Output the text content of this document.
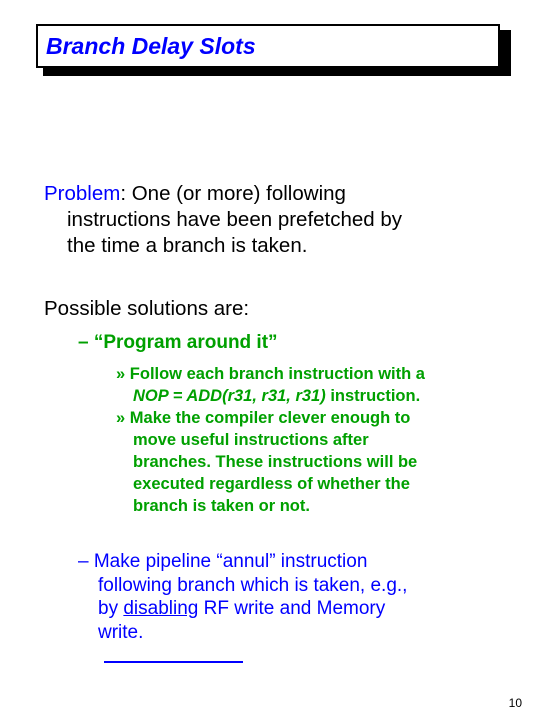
Branch Delay Slots
Problem: One (or more) following
instructions have been prefetched by
the time a branch is taken.
Possible solutions are:
– “Program around it”
» Follow each branch instruction with a
NOP = ADD(r31, r31, r31) instruction.
» Make the compiler clever enough to
move useful instructions after
branches. These instructions will be
executed regardless of whether the
branch is taken or not.
– Make pipeline “annul” instruction
following branch which is taken, e.g.,
by disabling RF write and Memory
write.
10
